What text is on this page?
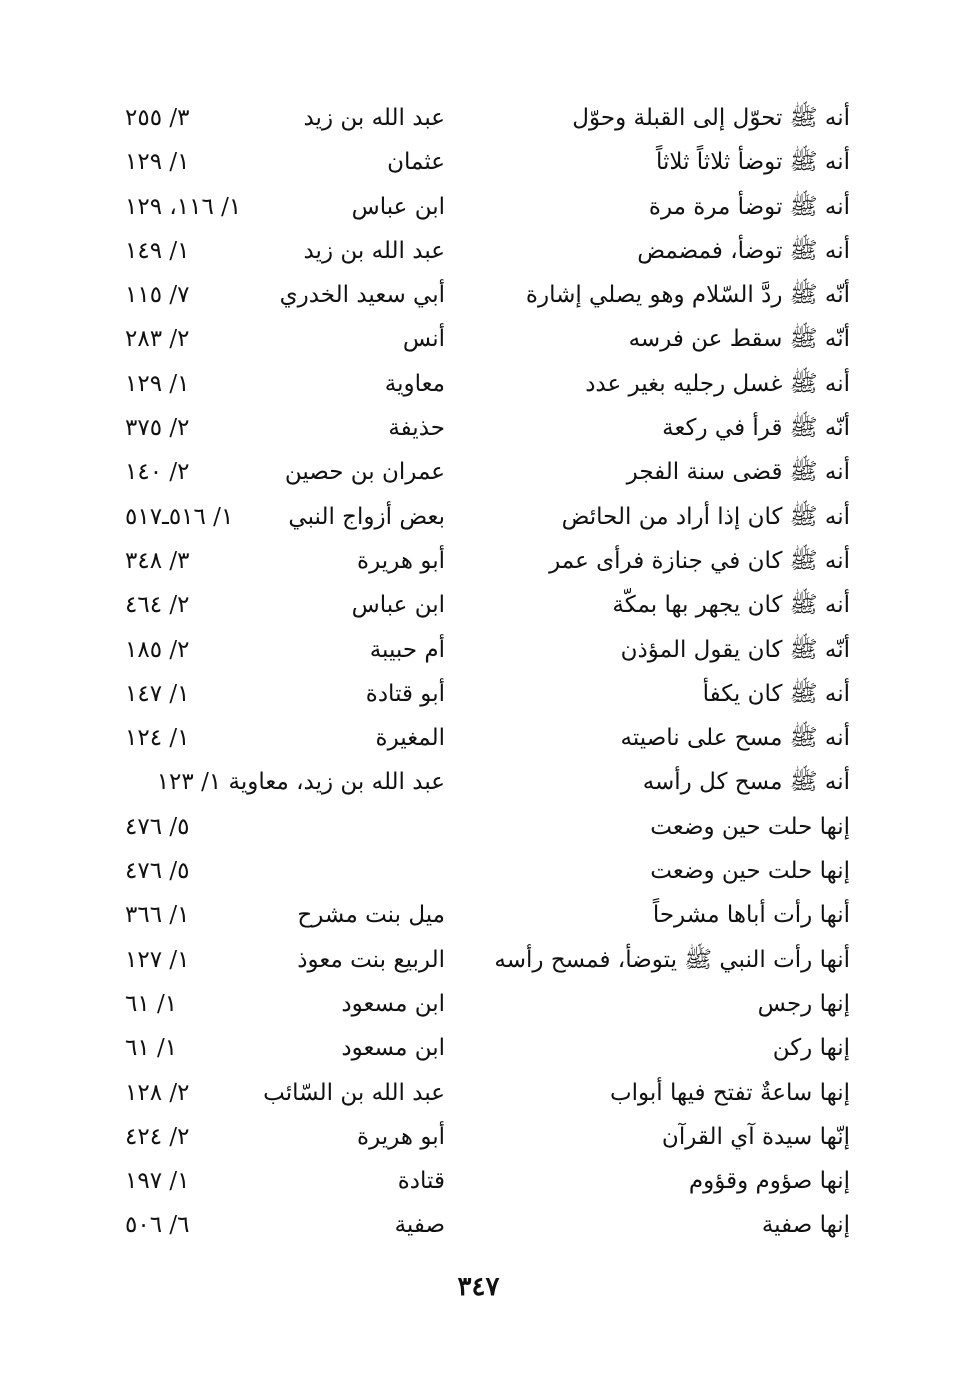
أنه ﷺ تحوّل إلى القبلة وحوّل
عبد الله بن زيد
٣/ ٢٥٥
أنه ﷺ توضأ ثلاثاً ثلاثاً
عثمان
١/ ١٢٩
أنه ﷺ توضأ مرة مرة
ابن عباس
١/ ١١٦، ١٢٩
أنه ﷺ توضأ، فمضمض
عبد الله بن زيد
١/ ١٤٩
أنّه ﷺ ردَّ السّلام وهو يصلي إشارة
أبي سعيد الخدري
٧/ ١١٥
أنّه ﷺ سقط عن فرسه
أنس
٢/ ٢٨٣
أنه ﷺ غسل رجليه بغير عدد
معاوية
١/ ١٢٩
أنّه ﷺ قرأ في ركعة
حذيفة
٢/ ٣٧٥
أنه ﷺ قضى سنة الفجر
عمران بن حصين
٢/ ١٤٠
أنه ﷺ كان إذا أراد من الحائض
بعض أزواج النبي
١/ ٥١٦ـ٥١٧
أنه ﷺ كان في جنازة فرأى عمر
أبو هريرة
٣/ ٣٤٨
أنه ﷺ كان يجهر بها بمكّة
ابن عباس
٢/ ٤٦٤
أنّه ﷺ كان يقول المؤذن
أم حبيبة
٢/ ١٨٥
أنه ﷺ كان يكفأ
أبو قتادة
١/ ١٤٧
أنه ﷺ مسح على ناصيته
المغيرة
١/ ١٢٤
أنه ﷺ مسح كل رأسه
عبد الله بن زيد، معاوية ١/ ١٢٣
إنها حلت حين وضعت
٥/ ٤٧٦
إنها حلت حين وضعت
٥/ ٤٧٦
أنها رأت أباها مشرحاً
ميل بنت مشرح
١/ ٣٦٦
أنها رأت النبي ﷺ يتوضأ، فمسح رأسه
الربيع بنت معوذ
١/ ١٢٧
إنها رجس
ابن مسعود
١/ ٦١
إنها ركن
ابن مسعود
١/ ٦١
إنها ساعةٌ تفتح فيها أبواب
عبد الله بن السّائب
٢/ ١٢٨
إنّها سيدة آي القرآن
أبو هريرة
٢/ ٤٢٤
إنها صؤوم وقؤوم
قتادة
١/ ١٩٧
إنها صفية
صفية
٦/ ٥٠٦
٣٤٧
